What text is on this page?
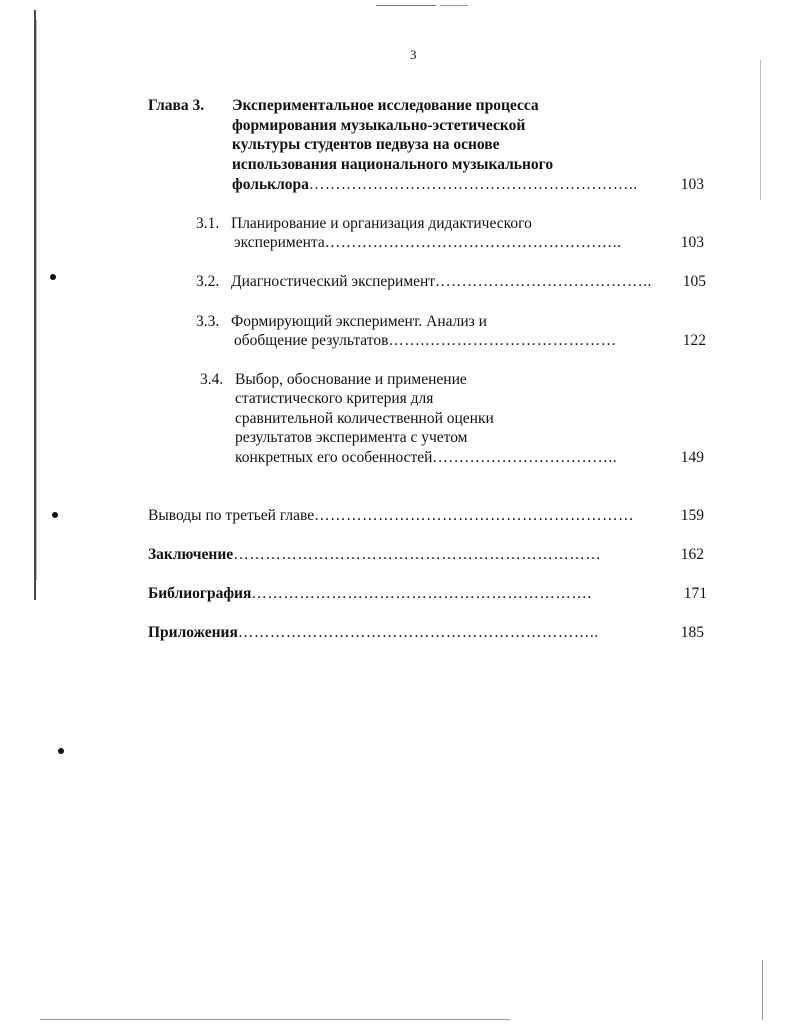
3
Глава 3. Экспериментальное исследование процесса
формирования музыкально-эстетической
культуры студентов педвуза на основе
использования национального музыкального
фольклора……………………………………………………..	103
3.1. Планирование и организация дидактического
эксперимента………………………………………………..	103
3.2. Диагностический эксперимент…………………………………..	105
3.3. Формирующий эксперимент. Анализ и
обобщение результатов…….………………………………	122
3.4. Выбор, обоснование и применение
статистического критерия для
сравнительной количественной оценки
результатов эксперимента с учетом
конкретных его особенностей……………………………..	149
Выводы по третьей главе……………………………………………………	159
Заключение……………………………………………………………	162
Библиография……………………………………………………….	171
Приложения…………………………………………………………..	185
